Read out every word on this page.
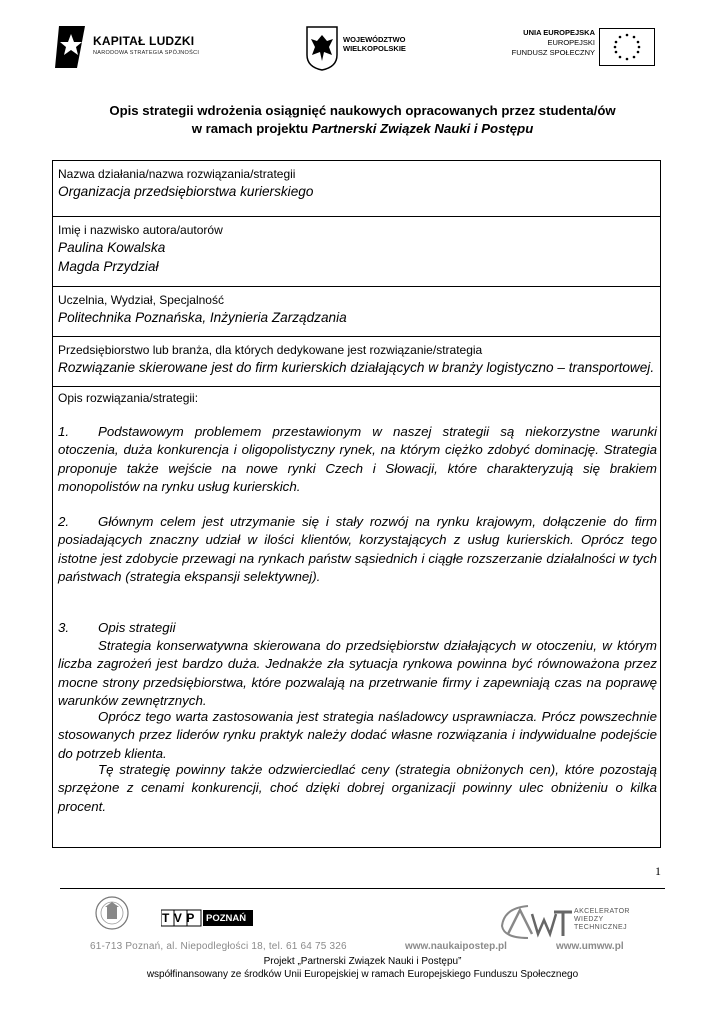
KAPITAŁ LUDZKI
NARODOWA STRATEGIA SPÓJNOŚCI
WOJEWÓDZTWO
WIELKOPOLSKIE
UNIA EUROPEJSKA
EUROPEJSKI
FUNDUSZ SPOŁECZNY
Opis strategii wdrożenia osiągnięć naukowych opracowanych przez studenta/ów
w ramach projektu Partnerski Związek Nauki i Postępu
Nazwa działania/nazwa rozwiązania/strategii
Organizacja przedsiębiorstwa kurierskiego
Imię i nazwisko autora/autorów
Paulina Kowalska
Magda Przydział
Uczelnia, Wydział, Specjalność
Politechnika Poznańska, Inżynieria Zarządzania
Przedsiębiorstwo lub branża, dla których dedykowane jest rozwiązanie/strategia
Rozwiązanie skierowane jest do firm kurierskich działających w branży logistyczno – transportowej.
Opis rozwiązania/strategii:
1. Podstawowym problemem przestawionym w naszej strategii są niekorzystne warunki otoczenia, duża konkurencja i oligopolistyczny rynek, na którym ciężko zdobyć dominację. Strategia proponuje także wejście na nowe rynki Czech i Słowacji, które charakteryzują się brakiem monopolistów na rynku usług kurierskich.
2. Głównym celem jest utrzymanie się i stały rozwój na rynku krajowym, dołączenie do firm posiadających znaczny udział w ilości klientów, korzystających z usług kurierskich. Oprócz tego istotne jest zdobycie przewagi na rynkach państw sąsiednich i ciągłe rozszerzanie działalności w tych państwach (strategia ekspansji selektywnej).
3. Opis strategii
Strategia konserwatywna skierowana do przedsiębiorstw działających w otoczeniu, w którym liczba zagrożeń jest bardzo duża. Jednakże zła sytuacja rynkowa powinna być równoważona przez mocne strony przedsiębiorstwa, które pozwalają na przetrwanie firmy i zapewniają czas na poprawę warunków zewnętrznych.
Oprócz tego warta zastosowania jest strategia naśladowcy usprawniacza. Prócz powszechnie stosowanych przez liderów rynku praktyk należy dodać własne rozwiązania i indywidualne podejście do potrzeb klienta.
Tę strategię powinny także odzwierciedlać ceny (strategia obniżonych cen), które pozostają sprzężone z cenami konkurencji, choć dzięki dobrej organizacji powinny ulec obniżeniu o kilka procent.
1
TVP POZNAŃ
AKCELERATOR
WIEDZY
TECHNICZNEJ
61-713 Poznań, al. Niepodległości 18, tel. 61 64 75 326	www.naukaipostep.pl	www.umww.pl
Projekt „Partnerski Związek Nauki i Postępu”
współfinansowany ze środków Unii Europejskiej w ramach Europejskiego Funduszu Społecznego
